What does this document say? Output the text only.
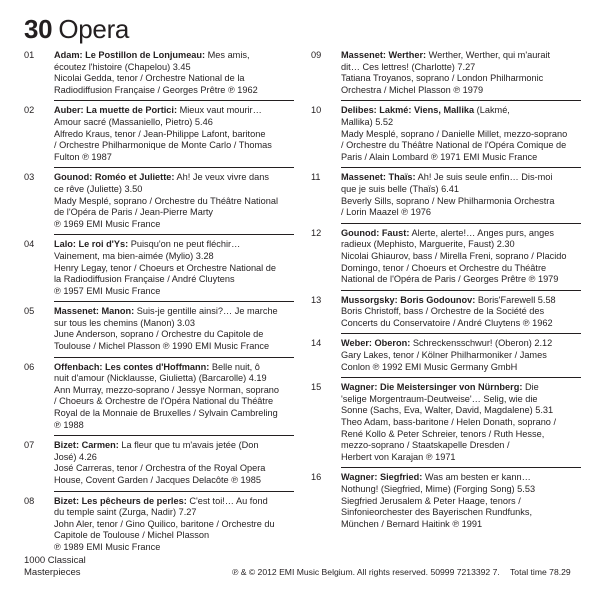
30 Opera
01 Adam: Le Postillon de Lonjumeau: Mes amis,
écoutez l'histoire (Chapelou) 3.45
Nicolai Gedda, tenor / Orchestre National de la
Radiodiffusion Française / Georges Prêtre ℗ 1962
02 Auber: La muette de Portici: Mieux vaut mourir…
Amour sacré (Massaniello, Pietro) 5.46
Alfredo Kraus, tenor / Jean-Philippe Lafont, baritone
/ Orchestre Philharmonique de Monte Carlo / Thomas
Fulton ℗ 1987
03 Gounod: Roméo et Juliette: Ah! Je veux vivre dans
ce rêve (Juliette) 3.50
Mady Mesplé, soprano / Orchestre du Théâtre National
de l'Opéra de Paris / Jean-Pierre Marty
℗ 1969 EMI Music France
04 Lalo: Le roi d'Ys: Puisqu'on ne peut fléchir…
Vainement, ma bien-aimée (Mylio) 3.28
Henry Legay, tenor / Choeurs et Orchestre National de
la Radiodiffusion Française / André Cluytens
℗ 1957 EMI Music France
05 Massenet: Manon: Suis-je gentille ainsi?… Je marche
sur tous les chemins (Manon) 3.03
June Anderson, soprano / Orchestre du Capitole de
Toulouse / Michel Plasson ℗ 1990 EMI Music France
06 Offenbach: Les contes d'Hoffmann: Belle nuit, ô
nuit d'amour (Nicklausse, Giulietta) (Barcarolle) 4.19
Ann Murray, mezzo-soprano / Jessye Norman, soprano
/ Choeurs & Orchestre de l'Opéra National du Théâtre
Royal de la Monnaie de Bruxelles / Sylvain Cambreling
℗ 1988
07 Bizet: Carmen: La fleur que tu m'avais jetée (Don
José) 4.26
José Carreras, tenor / Orchestra of the Royal Opera
House, Covent Garden / Jacques Delacôte ℗ 1985
08 Bizet: Les pêcheurs de perles: C'est toi!… Au fond
du temple saint (Zurga, Nadir) 7.27
John Aler, tenor / Gino Quilico, baritone / Orchestre du
Capitole de Toulouse / Michel Plasson
℗ 1989 EMI Music France
09 Massenet: Werther: Werther, Werther, qui m'aurait
dit… Ces lettres! (Charlotte) 7.27
Tatiana Troyanos, soprano / London Philharmonic
Orchestra / Michel Plasson ℗ 1979
10 Delibes: Lakmé: Viens, Mallika (Lakmé,
Mallika) 5.52
Mady Mesplé, soprano / Danielle Millet, mezzo-soprano
/ Orchestre du Théâtre National de l'Opéra Comique de
Paris / Alain Lombard ℗ 1971 EMI Music France
11 Massenet: Thaïs: Ah! Je suis seule enfin… Dis-moi
que je suis belle (Thaïs) 6.41
Beverly Sills, soprano / New Philharmonia Orchestra
/ Lorin Maazel ℗ 1976
12 Gounod: Faust: Alerte, alerte!… Anges purs, anges
radieux (Mephisto, Marguerite, Faust) 2.30
Nicolai Ghiaurov, bass / Mirella Freni, soprano / Placido
Domingo, tenor / Choeurs et Orchestre du Théâtre
National de l'Opéra de Paris / Georges Prêtre ℗ 1979
13 Mussorgsky: Boris Godounov: Boris'Farewell 5.58
Boris Christoff, bass / Orchestre de la Société des
Concerts du Conservatoire / André Cluytens ℗ 1962
14 Weber: Oberon: Schreckensschwur! (Oberon) 2.12
Gary Lakes, tenor / Kölner Philharmoniker / James
Conlon ℗ 1992 EMI Music Germany GmbH
15 Wagner: Die Meistersinger von Nürnberg: Die
'selige Morgentraum-Deutweise'… Selig, wie die
Sonne (Sachs, Eva, Walter, David, Magdalene) 5.31
Theo Adam, bass-baritone / Helen Donath, soprano /
René Kollo & Peter Schreier, tenors / Ruth Hesse,
mezzo-soprano / Staatskapelle Dresden /
Herbert von Karajan ℗ 1971
16 Wagner: Siegfried: Was am besten er kann…
Nothung! (Siegfried, Mime) (Forging Song) 5.53
Siegfried Jerusalem & Peter Haage, tenors /
Sinfonieorchester des Bayerischen Rundfunks,
München / Bernard Haitink ℗ 1991
1000 Classical
Masterpieces	℗ & © 2012 EMI Music Belgium. All rights reserved. 50999 7213392 7. Total time 78.29
